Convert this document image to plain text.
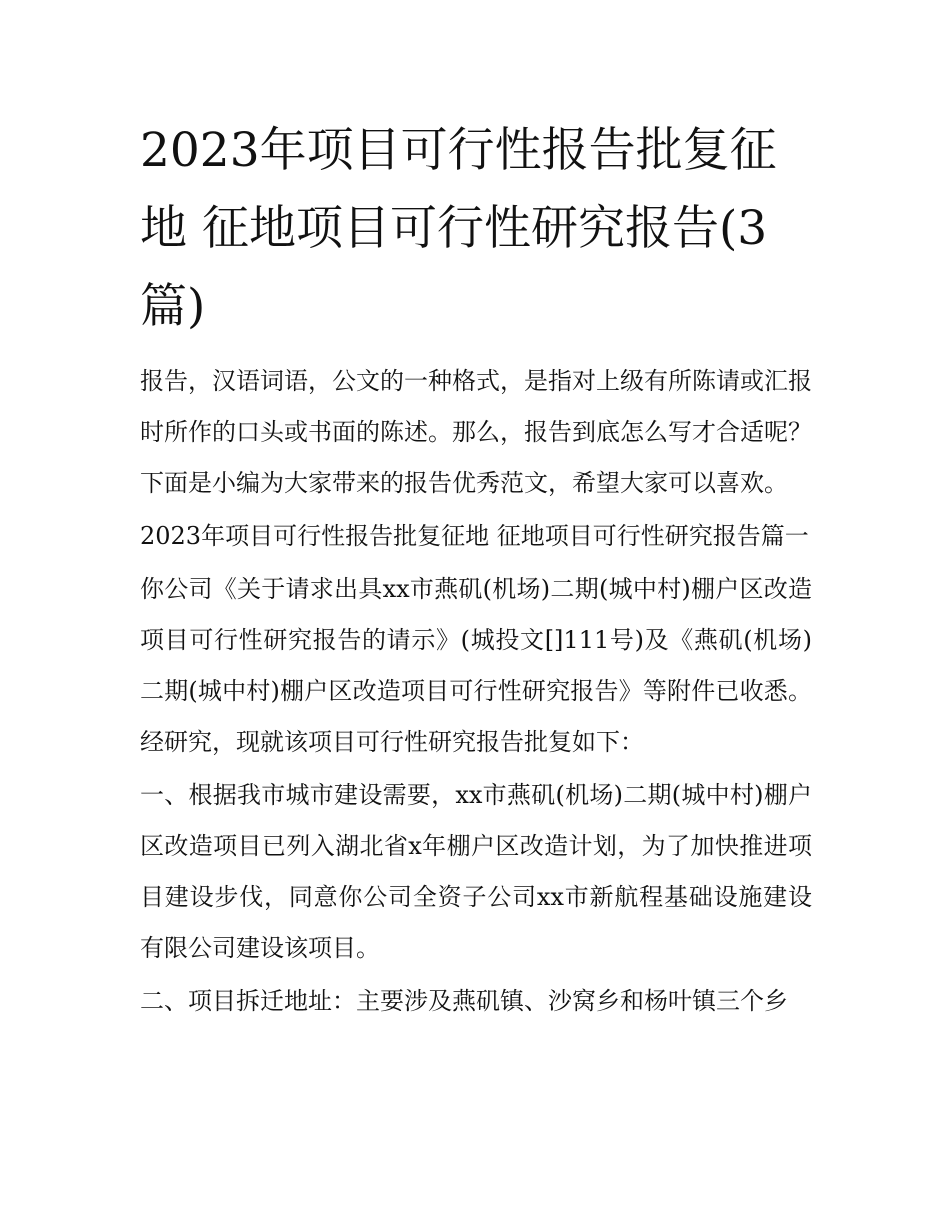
2023年项目可行性报告批复征地 征地项目可行性研究报告(3篇)

报告，汉语词语，公文的一种格式，是指对上级有所陈请或汇报时所作的口头或书面的陈述。那么，报告到底怎么写才合适呢？下面是小编为大家带来的报告优秀范文，希望大家可以喜欢。

2023年项目可行性报告批复征地 征地项目可行性研究报告篇一

你公司《关于请求出具xx市燕矶(机场)二期(城中村)棚户区改造项目可行性研究报告的请示》(城投文[]111号)及《燕矶(机场)二期(城中村)棚户区改造项目可行性研究报告》等附件已收悉。经研究，现就该项目可行性研究报告批复如下：

一、根据我市城市建设需要，xx市燕矶(机场)二期(城中村)棚户区改造项目已列入湖北省x年棚户区改造计划，为了加快推进项目建设步伐，同意你公司全资子公司xx市新航程基础设施建设有限公司建设该项目。

二、项目拆迁地址：主要涉及燕矶镇、沙窝乡和杨叶镇三个乡
